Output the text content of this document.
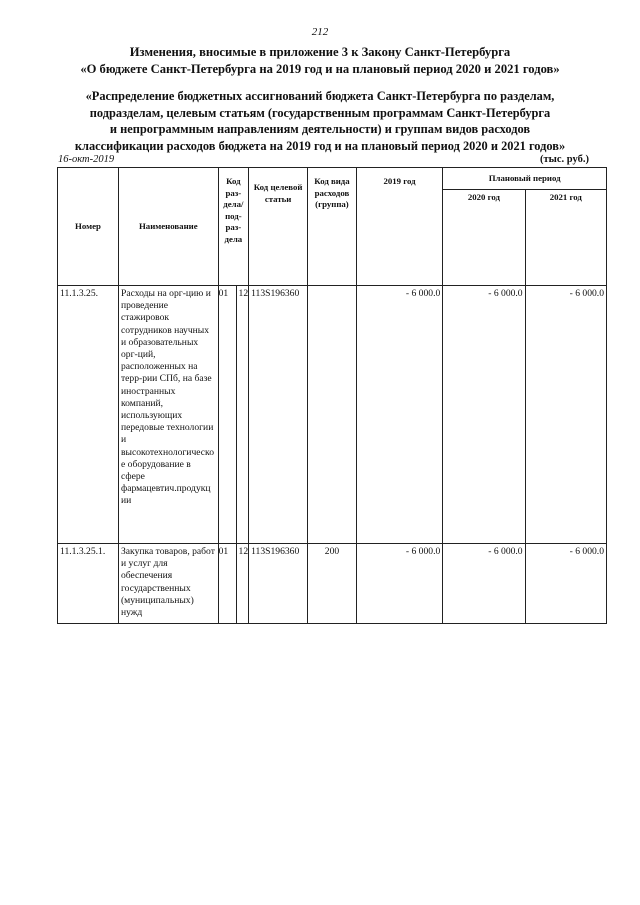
212
Изменения, вносимые в приложение 3 к Закону Санкт-Петербурга
«О бюджете Санкт-Петербурга на 2019 год и на плановый период 2020 и 2021 годов»
«Распределение бюджетных ассигнований бюджета Санкт-Петербурга по разделам,
подразделам, целевым статьям (государственным программам Санкт-Петербурга
и непрограммным направлениям деятельности) и группам видов расходов
классификации расходов бюджета на 2019 год и на плановый период 2020 и 2021 годов»
16-окт-2019	(тыс. руб.)
Номер	Наименование	Код раз-дела/ под-раз-дела		Код целевой статьи	Код вида расходов (группа)	2019 год	Плановый период	
							2020 год	2021 год
11.1.3.25.	Расходы на орг-цию и проведение стажировок сотрудников научных и образовательных орг-ций, расположенных на терр-рии СПб, на базе иностранных компаний, использующих передовые технологии и высокотехнологическое оборудование в сфере фармацевтич.продукции	01	12	113S196360		- 6 000.0	- 6 000.0	- 6 000.0
11.1.3.25.1.	Закупка товаров, работ и услуг для обеспечения государственных (муниципальных) нужд	01	12	113S196360	200	- 6 000.0	- 6 000.0	- 6 000.0
